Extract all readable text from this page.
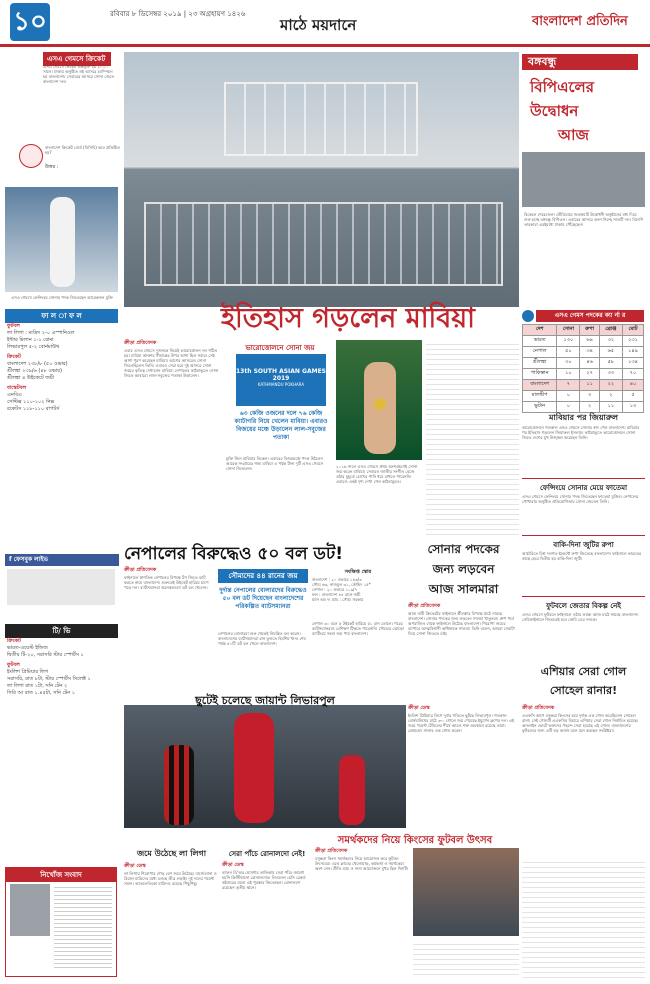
১০	রবিবার ৮ ডিসেম্বর ২০১৯ | ২৩ অগ্রহায়ণ ১৪২৬
মাঠে ময়দানে	বাংলাদেশ প্রতিদিন
এসএ গেমসে ক্রিকেট
এসএ গেমসে ক্রিকেট অন্তর্ভুক্ত হয় ২০১০ সালে। ঢাকায় অনুষ্ঠিত ওই আসরে চ্যাম্পিয়ন হয় বাংলাদেশ। সেবারের আসরে সোনা জেতে বাংলাদেশ দল।
বাংলাদেশ ক্রিকেট বোর্ড (বিসিবি) কবে প্রতিষ্ঠিত হয়?
উত্তর :
এসএ গেমসে ফেন্সিংয়ে সোনার পদক জিতেছেন আরেকজন মুক্তি
ফা ল া ফ ল
ফুটবল
লা লিগা : মাদ্রিদ ২-০ এস্পানিওল
ইন্টার মিলান ১-১ রোমা
লিভারপুল ৫-২ বোর্নমাউথ
ক্রিকেট
বাংলাদেশ ২৩৮/৮ (৫০ ওভার)
শ্রীলঙ্কা ২৩৯/৬ (৪৮ ওভার)
শ্রীলঙ্কা ৪ উইকেটে জয়ী
বাস্কেটবল
এনবিএ
সেল্টিক্স ১১০-১০২ নিক্স
রকেটস ১১৮-১১০ রাপটর্স
f ফেসবুক লাইভ
টি/ ভি
ক্রিকেট
ভারত-ওয়েস্ট ইন্ডিজ
দ্বিতীয় টি-২০, সরাসরি স্টার স্পোর্টস ১
ফুটবল
ইংলিশ প্রিমিয়ার লিগ
সরাসরি, রাত ৮টা, স্টার স্পোর্টস সিলেক্ট ১
লা লিগা রাত ১টা, সনি টেন ২
সিরি আ রাত ১.৪৫টা, সনি টেন ১
নিখোঁজ সংবাদ
বঙ্গবন্ধু
বিপিএলের
উদ্বোধন
আজ
বিকেলে শেরেবাংলা স্টেডিয়ামে জমজমাট উদ্বোধনী অনুষ্ঠানের মধ্য দিয়ে শুরু হচ্ছে বঙ্গবন্ধু বিপিএল। এবারের আসরে অংশ নিচ্ছে সাতটি দল। বিদেশি তারকারা এরইমধ্যে ঢাকায় পৌঁছেছেন।
ইতিহাস গড়লেন মাবিয়া
ক্রীড়া প্রতিবেদক
এবার এসএ গেমসে দুজনকে নিয়েই ভারোত্তোলন দল গঠিত হয়। মাবিয়া আক্তার সীমান্তের উপর আশা ছিল সবার। সেই আশা পূরণ করেছেন মাবিয়া। আগের আসরেও সোনা জিতেছিলেন তিনি। এবারও সেরা হয়ে দুই আসরে সোনা জয়ের কৃতিত্ব দেখালেন মাবিয়া। নেপালের কাঠমান্ডুতে সোনা জিতে আবারো লাল-সবুজের পতাকা উড়ালেন।
ভারোত্তোলনে সোনা জয়
13th SOUTH ASIAN GAMES 2019
KATHMANDU POKHARA
৬৩ কেজি ওজনের দলে ৭৬ কেজি ক্যাটাগরি নিয়ে খেলেন মাবিয়া। এবারও বিজয়ের মঞ্চে উড়ালেন লাল-সবুজের পতাকা
মুক্তি জিন মাবিয়ার বিকেল। এবারের বিজয়মঞ্চে পদক উঠলেন আরেক সংগ্রামের গল্প। মাবিয়া এ পর্যন্ত টানা দুটি এসএ গেমসে সোনা জিতলেন।	২০১৬ সালে এসএ গেমসে প্রথম অংশগ্রহণেই সোনা জয় করেন মাবিয়া। সেবারও জাতীয় সংগীত বেজে ওঠার মুহূর্তে চোখের পানি ধরে রাখতে পারেননি। এবারও একই দৃশ্য দেখা গেল কাঠমান্ডুতে।
এসএ গেমস পদকের ক্যা র্না র
দেশ	সোনা	রুপা	ব্রোঞ্জ	মোট
ভারত	১৩০	৬৯	৩২	২৩১
নেপাল	৫০	৩৪	৬৫	১৪৯
শ্রীলঙ্কা	৩০	৪৬	৫৮	১৩৪
পাকিস্তান	১০	২৭	৩৩	৭০
বাংলাদেশ	৭	১১	২২	৪০
মালদ্বীপ	০	৩	২	৫
ভুটান	০	২	১১	১৩
মাবিয়ার পর জিয়ারুল
ভারোত্তোলনে গতকাল এসএ গেমসে সোনার স্বাদ পেল বাংলাদেশ। মাবিয়ার পর ইতিহাস গড়লেন জিয়ারুল ইসলাম। কাঠমান্ডুতে ভারোত্তোলনে সোনা জিতে দেশের মুখ উজ্জ্বল করেছেন তিনি।
ফেন্সিংয়ে সোনার মেয়ে ফাতেমা
এসএ গেমসে ফেন্সিংয়ে সোনার পদক জিতেছেন ফাতেমা মুজিব। নেপালের পোখারায় অনুষ্ঠিত প্রতিযোগিতায় সোনা জেতেন তিনি।
বাকি-দিনা জুটির রুপা
আর্চারিতে মিশ্র দলগত ইভেন্টে রুপা জিতেছে বাংলাদেশ। ফাইনালে ভারতের কাছে হেরে দ্বিতীয় হয় বাকি-দিনা জুটি।
ফুটবলে জেতার বিকল্প নেই
এসএ গেমসে ফুটবলে ফাইনালে ওঠার লক্ষ্যে আজ মাঠে নামছে বাংলাদেশ। সেমিফাইনালে জিততেই হবে জেমি ডের দলকে।
নেপালের বিরুদ্ধেও ৫০ বল ডট!
ক্রীড়া প্রতিবেদক
ফাইনালে স্বাগতিক নেপালের বিপক্ষে টস জিতে ব্যাট করতে নামে বাংলাদেশ। শুরুতেই উইকেট হারিয়ে চাপে পড়ে দল। ব্যাটসম্যানরা অনেকগুলো ডট বল খেলেন।
সৌম্যদের ৪৪ রানের জয়
দুর্দান্ত নেপালের বোলারদের বিরুদ্ধেও ৫০ বল ডট দিয়েছেন বাংলাদেশের পরিকল্পিত ব্যাটসম্যানরা
নেপালের বোলাররা শুরু থেকেই নিয়ন্ত্রিত বল করেন। বাংলাদেশের ব্যাটসম্যানরা রান তুলতে হিমশিম খান। শেষ পর্যন্ত ৫০টি ডট বল খেলে বাংলাদেশ।
নেপাল ৩০ বলে ৫ উইকেট হারিয়ে ৫১ রান তোলে। পরের ব্যাটসম্যানরাও বেশিক্ষণ টিকতে পারেননি। সৌম্যের ঝোড়ো ব্যাটিংয়ে সহজ জয় পায় বাংলাদেশ।
সংক্ষিপ্ত স্কোর
বাংলাদেশ : ২০ ওভারে ১৫৩/৩
সৌম্য ৬৩, নাজমুল ৩১, তৌহিদ ১৫*
নেপাল : ২০ ওভারে ১০৯/৭
ফল : বাংলাদেশ ৪৪ রানে জয়ী
ম্যান অব দ্য ম্যাচ : সৌম্য সরকার
সোনার পদকের
জন্য লড়বেন
আজ সালমারা
ক্রীড়া প্রতিবেদক
আজ নারী ক্রিকেটের ফাইনালে শ্রীলঙ্কার বিপক্ষে মাঠে নামছে বাংলাদেশ। সোনার পদকের জন্য লড়বেন সালমা খাতুনরা। গ্রুপ পর্বে অপরাজিত থেকে ফাইনালে উঠেছে বাংলাদেশ। শিরোপা জয়ের ব্যাপারে আত্মবিশ্বাসী অধিনায়ক সালমা। তিনি বলেন, আমরা সেরাটা দিয়ে সোনা জিততে চাই।
ছুটেই চলেছে জায়ান্ট লিভারপুল
ক্রীড়া ডেস্ক
ইংলিশ প্রিমিয়ার লিগে দুর্বার গতিতে ছুটছে লিভারপুল। গতকাল বোর্নমাউথের মাঠে ৩-০ গোলে জয় পেয়েছে ইয়ুর্গেন ক্লপের দল। এই জয়ে পয়েন্ট টেবিলের শীর্ষে আরও শক্ত অবস্থানে রয়েছে তারা। মোহামেদ সালাহ এক গোল করেন।
এশিয়ার সেরা গোল
সোহেল রানার!
ক্রীড়া প্রতিবেদক
এএফসি কাপে বসুন্ধরা কিংসের হয়ে দুর্দান্ত এক গোল করেছিলেন সোহেল রানা। সেই গোলটি এএফসির বিচারে এশিয়ার সেরা গোল নির্বাচিত হয়েছে। অনলাইন ভোটে ভক্তদের পছন্দে সেরা হয়েছে এই গোল। বাংলাদেশের ফুটবলের জন্য এটি বড় অর্জন বলে মনে করছেন সংশ্লিষ্টরা।
সমর্থকদের নিয়ে কিংসের ফুটবল উৎসব
জমে উঠেছে লা লিগা
ক্রীড়া ডেস্ক
লা লিগায় শিরোপার দৌড় বেশ জমে উঠেছে। বার্সেলোনা ও রিয়াল মাদ্রিদের মধ্যে চলছে তীব্র লড়াই। দুই দলের পয়েন্ট সমান। আতলেতিকো মাদ্রিদও রয়েছে পিছুপিছু।
সেরা পাঁচে রোনালদো নেই!
ক্রীড়া ডেস্ক
ব্যালন ডি'অর ঘোষণার তালিকায় সেরা পাঁচে জায়গা হয়নি ক্রিস্টিয়ানো রোনালদোর। লিওনেল মেসি রেকর্ড ষষ্ঠবারের মতো এই পুরস্কার জিতেছেন। রোনালদো রয়েছেন তৃতীয় স্থানে।
ক্রীড়া প্রতিবেদক
বসুন্ধরা কিংস সমর্থকদের নিয়ে আয়োজন করে ফুটবল উৎসবের। এতে ক্লাবের খেলোয়াড়, কর্মকর্তা ও সমর্থকেরা অংশ নেন। প্রীতি ম্যাচ ও নানা আয়োজনে মুখর ছিল দিনটি।
